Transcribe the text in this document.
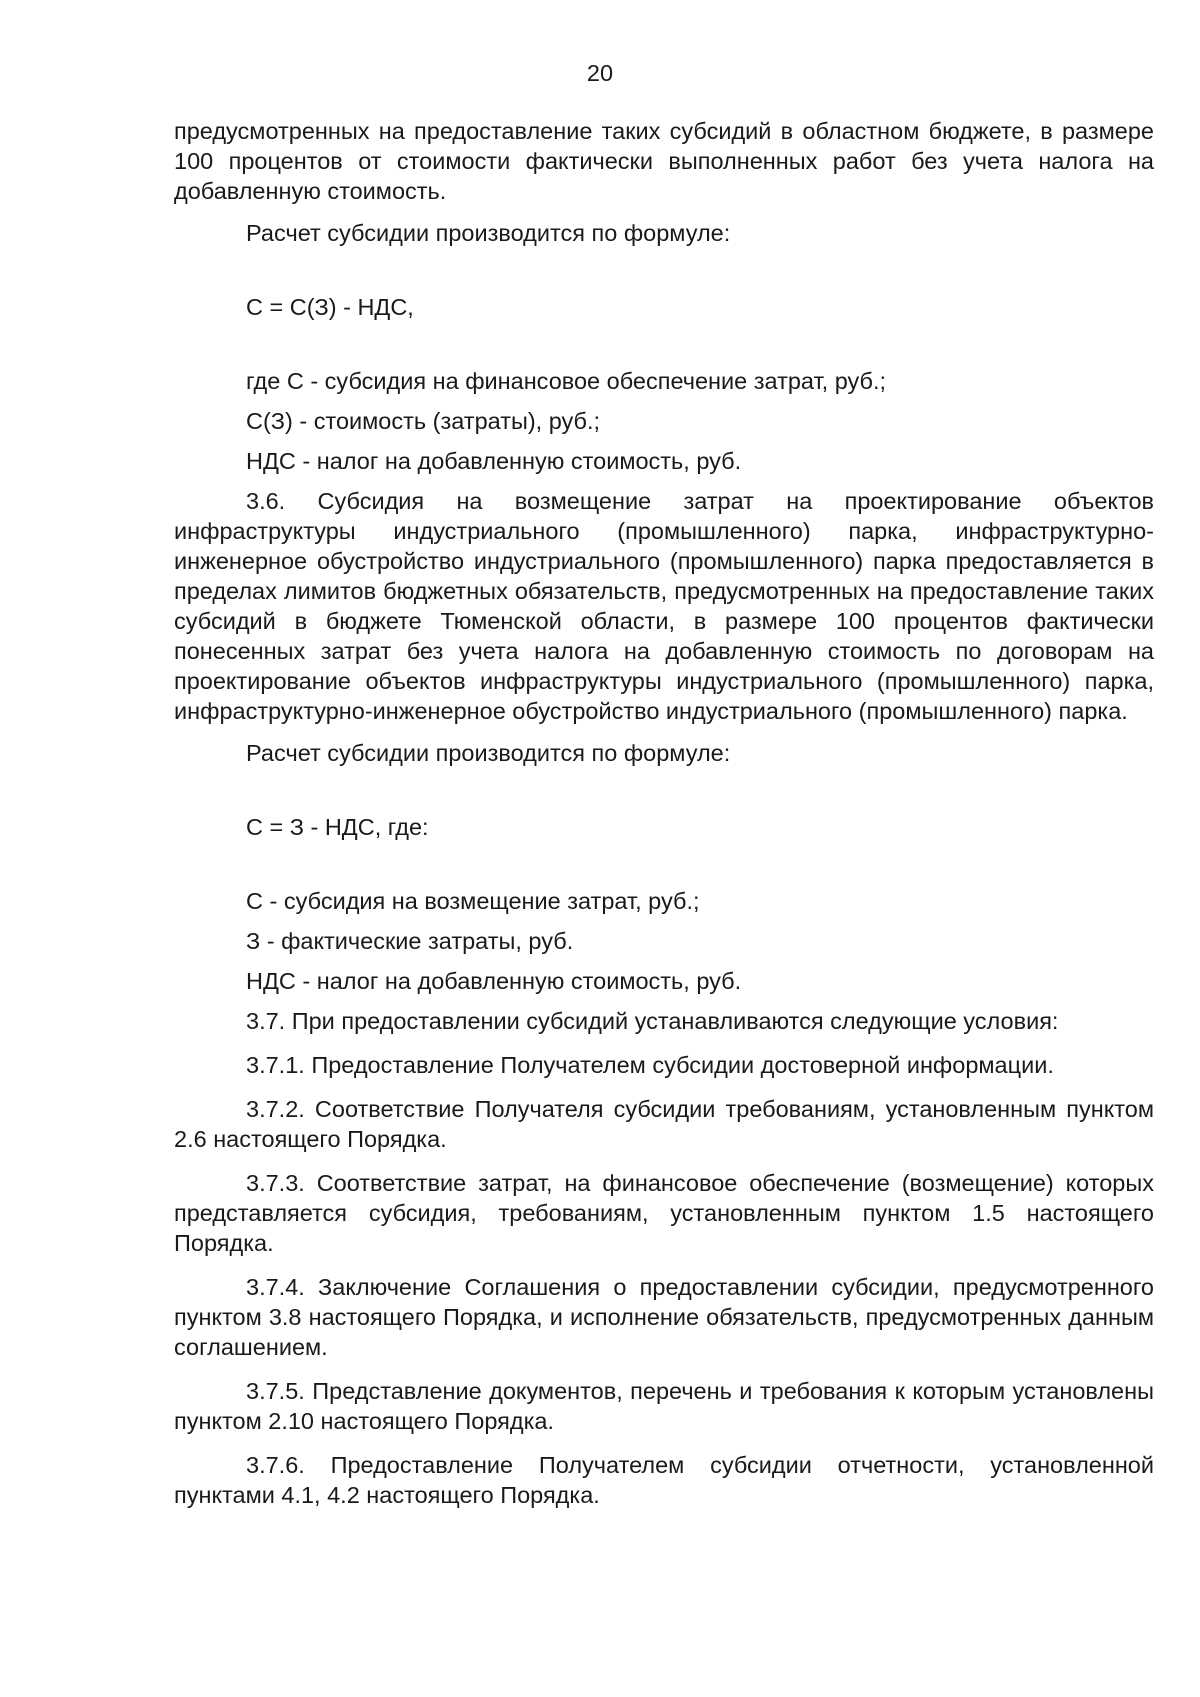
20

предусмотренных на предоставление таких субсидий в областном бюджете, в размере 100 процентов от стоимости фактически выполненных работ без учета налога на добавленную стоимость.

Расчет субсидии производится по формуле:

С = С(З) - НДС,

где С - субсидия на финансовое обеспечение затрат, руб.;

С(З) - стоимость (затраты), руб.;

НДС - налог на добавленную стоимость, руб.

3.6. Субсидия на возмещение затрат на проектирование объектов инфраструктуры индустриального (промышленного) парка, инфраструктурно-инженерное обустройство индустриального (промышленного) парка предоставляется в пределах лимитов бюджетных обязательств, предусмотренных на предоставление таких субсидий в бюджете Тюменской области, в размере 100 процентов фактически понесенных затрат без учета налога на добавленную стоимость по договорам на проектирование объектов инфраструктуры индустриального (промышленного) парка, инфраструктурно-инженерное обустройство индустриального (промышленного) парка.

Расчет субсидии производится по формуле:

С = З - НДС, где:

С - субсидия на возмещение затрат, руб.;

З - фактические затраты, руб.

НДС - налог на добавленную стоимость, руб.

3.7. При предоставлении субсидий устанавливаются следующие условия:

3.7.1. Предоставление Получателем субсидии достоверной информации.

3.7.2. Соответствие Получателя субсидии требованиям, установленным пунктом 2.6 настоящего Порядка.

3.7.3. Соответствие затрат, на финансовое обеспечение (возмещение) которых представляется субсидия, требованиям, установленным пунктом 1.5 настоящего Порядка.

3.7.4. Заключение Соглашения о предоставлении субсидии, предусмотренного пунктом 3.8 настоящего Порядка, и исполнение обязательств, предусмотренных данным соглашением.

3.7.5. Представление документов, перечень и требования к которым установлены пунктом 2.10 настоящего Порядка.

3.7.6. Предоставление Получателем субсидии отчетности, установленной пунктами 4.1, 4.2 настоящего Порядка.
